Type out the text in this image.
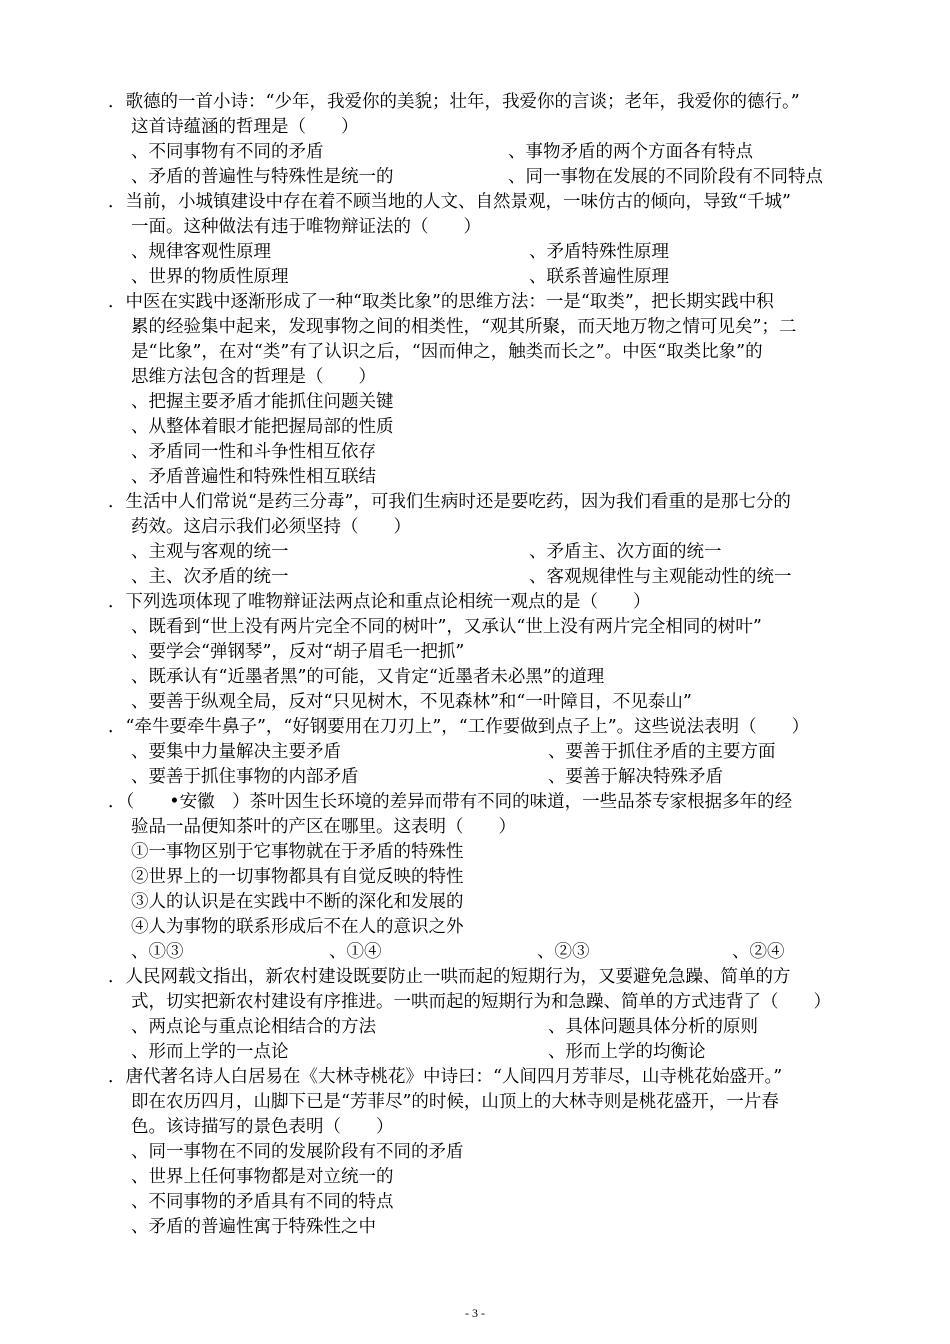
．歌德的一首小诗：“少年，我爱你的美貌；壮年，我爱你的言谈；老年，我爱你的德行。”
这首诗蕴涵的哲理是（　　）
、不同事物有不同的矛盾	、事物矛盾的两个方面各有特点
、矛盾的普遍性与特殊性是统一的	、同一事物在发展的不同阶段有不同特点
．当前，小城镇建设中存在着不顾当地的人文、自然景观，一味仿古的倾向，导致“千城”
一面。这种做法有违于唯物辩证法的（　　）
、规律客观性原理	、矛盾特殊性原理
、世界的物质性原理	、联系普遍性原理
．中医在实践中逐渐形成了一种“取类比象”的思维方法：一是“取类”，把长期实践中积
累的经验集中起来，发现事物之间的相类性，“观其所聚，而天地万物之情可见矣”；二
是“比象”，在对“类”有了认识之后，“因而伸之，触类而长之”。中医“取类比象”的
思维方法包含的哲理是（　　）
、把握主要矛盾才能抓住问题关键
、从整体着眼才能把握局部的性质
、矛盾同一性和斗争性相互依存
、矛盾普遍性和特殊性相互联结
．生活中人们常说“是药三分毒”，可我们生病时还是要吃药，因为我们看重的是那七分的
药效。这启示我们必须坚持（　　）
、主观与客观的统一	、矛盾主、次方面的统一
、主、次矛盾的统一	、客观规律性与主观能动性的统一
．下列选项体现了唯物辩证法两点论和重点论相统一观点的是（　　）
、既看到“世上没有两片完全不同的树叶”，又承认“世上没有两片完全相同的树叶”
、要学会“弹钢琴”，反对“胡子眉毛一把抓”
、既承认有“近墨者黑”的可能，又肯定“近墨者未必黑”的道理
、要善于纵观全局，反对“只见树木，不见森林”和“一叶障目，不见泰山”
．“牵牛要牵牛鼻子”，“好钢要用在刀刃上”，“工作要做到点子上”。这些说法表明（　　）
、要集中力量解决主要矛盾	、要善于抓住矛盾的主要方面
、要善于抓住事物的内部矛盾	、要善于解决特殊矛盾
．（　　•安徽　）茶叶因生长环境的差异而带有不同的味道，一些品茶专家根据多年的经
验品一品便知茶叶的产区在哪里。这表明（　　）
①一事物区别于它事物就在于矛盾的特殊性
②世界上的一切事物都具有自觉反映的特性
③人的认识是在实践中不断的深化和发展的
④人为事物的联系形成后不在人的意识之外
、①③	、①④	、②③	、②④
．人民网载文指出，新农村建设既要防止一哄而起的短期行为，又要避免急躁、简单的方
式，切实把新农村建设有序推进。一哄而起的短期行为和急躁、简单的方式违背了（　　）
、两点论与重点论相结合的方法	、具体问题具体分析的原则
、形而上学的一点论	、形而上学的均衡论
．唐代著名诗人白居易在《大林寺桃花》中诗曰：“人间四月芳菲尽，山寺桃花始盛开。”
即在农历四月，山脚下已是“芳菲尽”的时候，山顶上的大林寺则是桃花盛开，一片春
色。该诗描写的景色表明（　　）
、同一事物在不同的发展阶段有不同的矛盾
、世界上任何事物都是对立统一的
、不同事物的矛盾具有不同的特点
、矛盾的普遍性寓于特殊性之中
- 3 -
